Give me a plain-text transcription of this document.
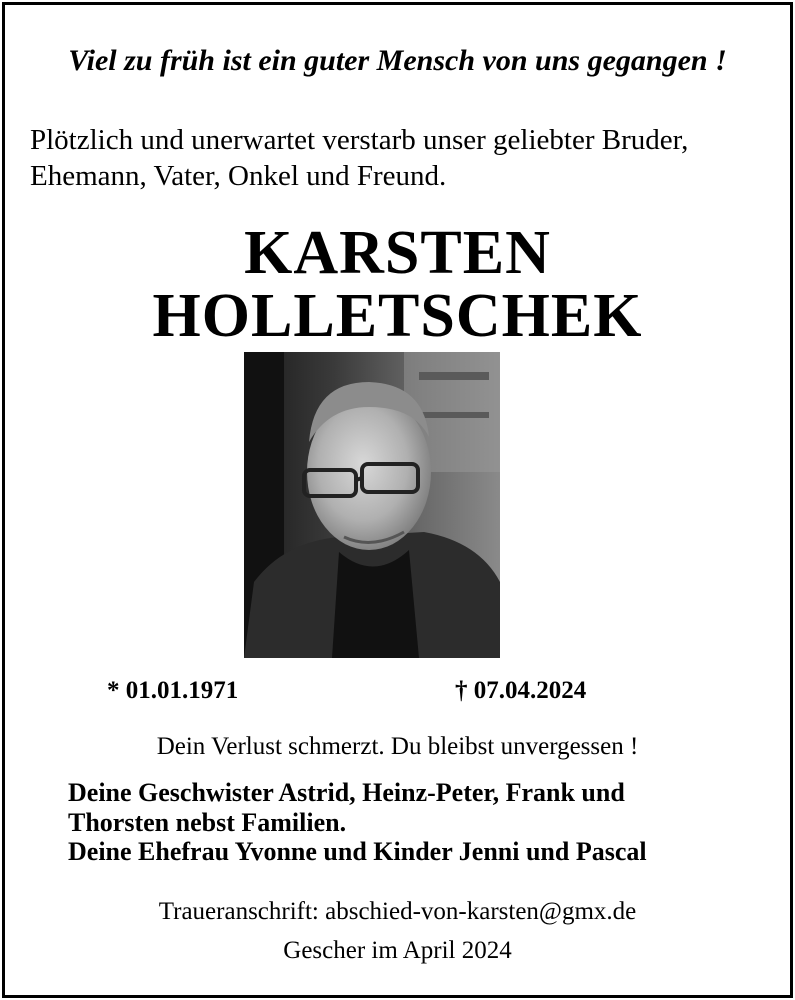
Viel zu früh ist ein guter Mensch von uns gegangen !
Plötzlich und unerwartet verstarb unser geliebter Bruder,
Ehemann, Vater, Onkel und Freund.
KARSTEN
HOLLETSCHEK
* 01.01.1971	† 07.04.2024
Dein Verlust schmerzt. Du bleibst unvergessen !
Deine Geschwister Astrid, Heinz-Peter, Frank und
Thorsten nebst Familien.
Deine Ehefrau Yvonne und Kinder Jenni und Pascal
Traueranschrift: abschied-von-karsten@gmx.de
Gescher im April 2024
